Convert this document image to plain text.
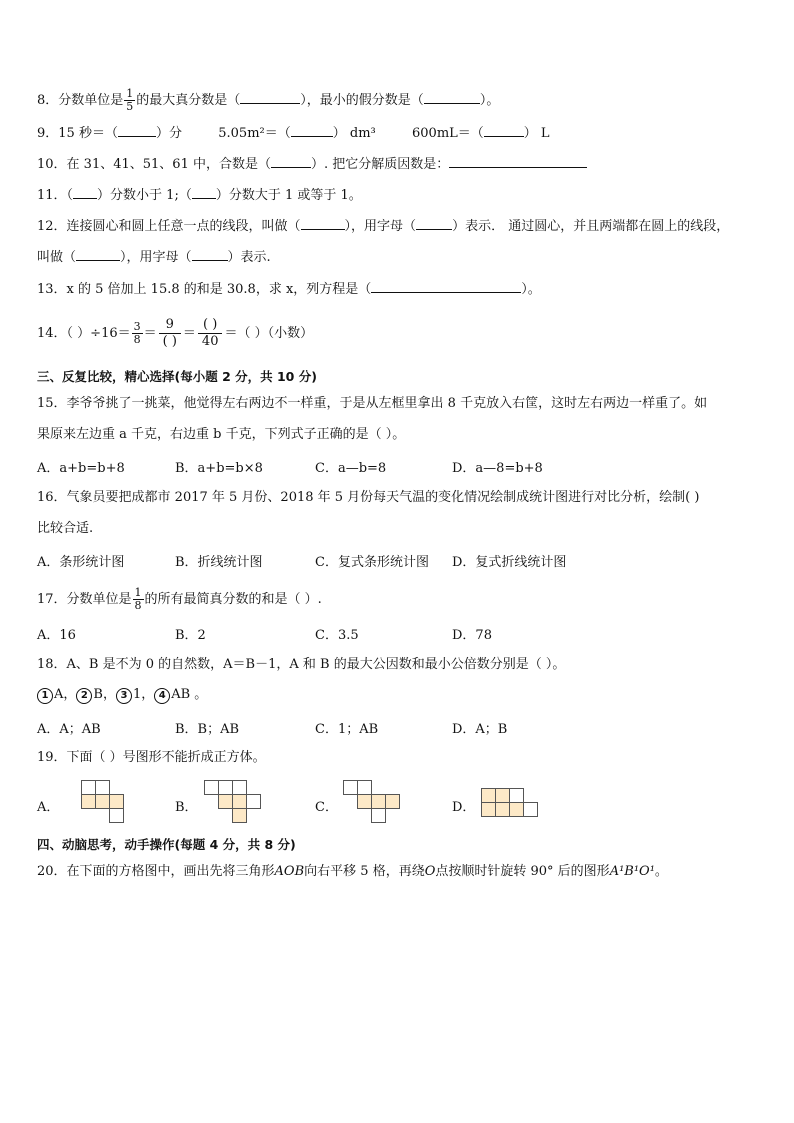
8．分数单位是 $\frac{1}{5}$ 的最大真分数是（	），最小的假分数是（	）。
9．15 秒＝（	）分	5.05m²＝（	） dm³	600mL＝（	） L
10．在 31、41、51、61 中，合数是（	）. 把它分解质因数是：
11．（ ）分数小于 1;（ ）分数大于 1 或等于 1。
12．连接圆心和圆上任意一点的线段，叫做（	），用字母（	）表示． 通过圆心，并且两端都在圆上的线段，
叫做（	），用字母（	）表示.
13．x 的 5 倍加上 15.8 的和是 30.8，求 x，列方程是（	）。
14．（ ）$\div 16= \frac{3}{8} = \frac{9}{( )} = \frac{( )}{40}$ ＝（ ）（小数）
三、反复比较，精心选择(每小题 2 分，共 10 分)
15．李爷爷挑了一挑菜，他觉得左右两边不一样重，于是从左框里拿出 8 千克放入右筐，这时左右两边一样重了。如
果原来左边重 a 千克，右边重 b 千克，下列式子正确的是（ ）。
A．a+b=b+8	B．a+b=b×8	C．a—b=8	D．a—8=b+8
16．气象员要把成都市 2017 年 5 月份、2018 年 5 月份每天气温的变化情况绘制成统计图进行对比分析，绘制( )
比较合适.
A．条形统计图	B．折线统计图	C．复式条形统计图 D．复式折线统计图
17．分数单位是 $\frac{1}{8}$ 的所有最简真分数的和是（ ）.
A．16	B．2	C．3.5	D．78
18．A、B 是不为 0 的自然数，A＝B－1，A 和 B 的最大公因数和最小公倍数分别是（ ）。
1 A， 2 B， 3 1， 4 AB 。
A．A；AB	B．B；AB	C．1；AB	D．A；B
19．下面（ ）号图形不能折成正方体。
A．	B．	C．	D．
四、动脑思考，动手操作(每题 4 分，共 8 分)
20．在下面的方格图中，画出先将三角形AOB向右平移 5 格，再绕O点按顺时针旋转 90° 后的图形A¹B¹O¹。
